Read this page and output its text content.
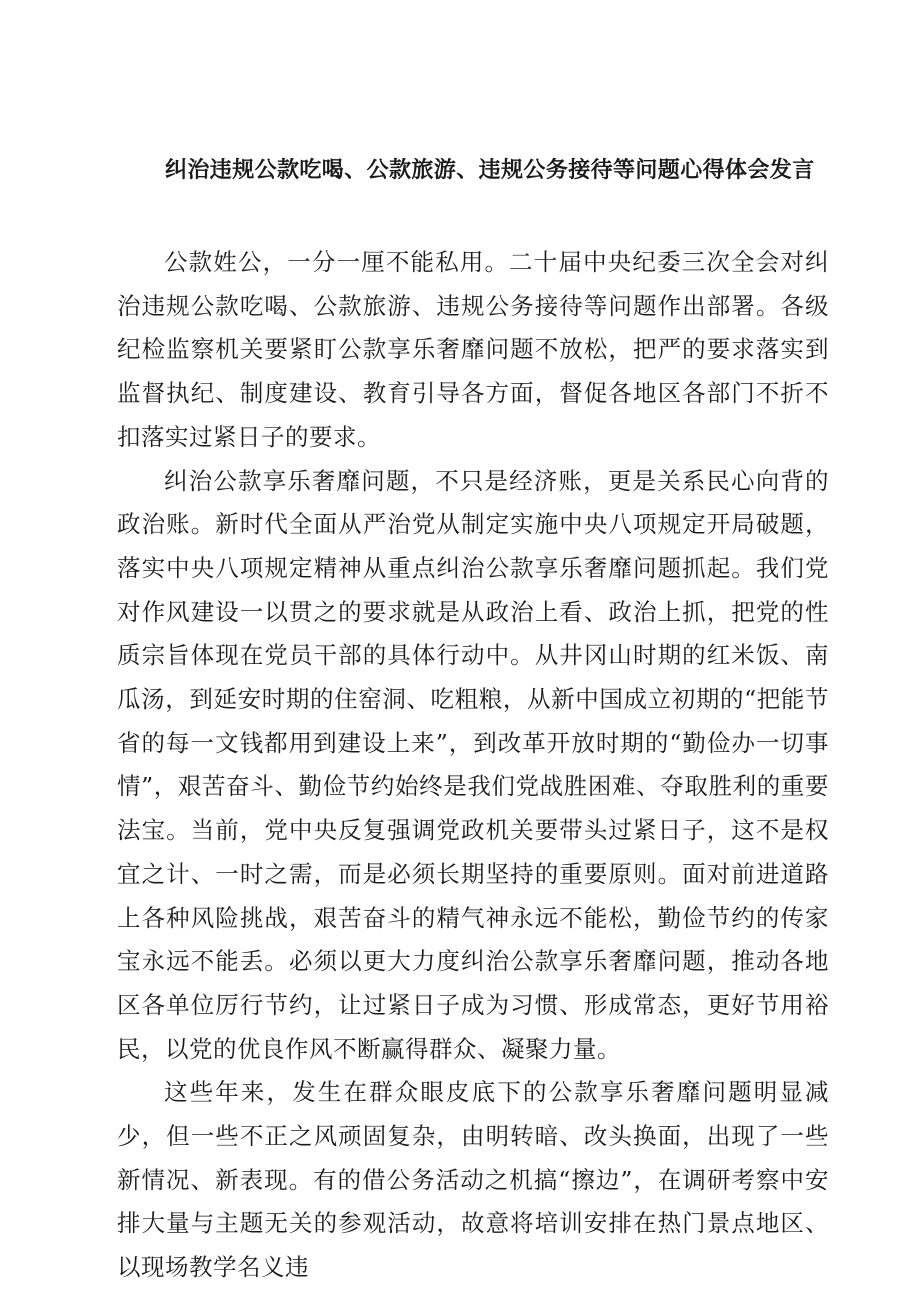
纠治违规公款吃喝、公款旅游、违规公务接待等问题心得体会发言

公款姓公，一分一厘不能私用。二十届中央纪委三次全会对纠治违规公款吃喝、公款旅游、违规公务接待等问题作出部署。各级纪检监察机关要紧盯公款享乐奢靡问题不放松，把严的要求落实到监督执纪、制度建设、教育引导各方面，督促各地区各部门不折不扣落实过紧日子的要求。

纠治公款享乐奢靡问题，不只是经济账，更是关系民心向背的政治账。新时代全面从严治党从制定实施中央八项规定开局破题，落实中央八项规定精神从重点纠治公款享乐奢靡问题抓起。我们党对作风建设一以贯之的要求就是从政治上看、政治上抓，把党的性质宗旨体现在党员干部的具体行动中。从井冈山时期的红米饭、南瓜汤，到延安时期的住窑洞、吃粗粮，从新中国成立初期的“把能节省的每一文钱都用到建设上来”，到改革开放时期的“勤俭办一切事情”，艰苦奋斗、勤俭节约始终是我们党战胜困难、夺取胜利的重要法宝。当前，党中央反复强调党政机关要带头过紧日子，这不是权宜之计、一时之需，而是必须长期坚持的重要原则。面对前进道路上各种风险挑战，艰苦奋斗的精气神永远不能松，勤俭节约的传家宝永远不能丢。必须以更大力度纠治公款享乐奢靡问题，推动各地区各单位厉行节约，让过紧日子成为习惯、形成常态，更好节用裕民，以党的优良作风不断赢得群众、凝聚力量。

这些年来，发生在群众眼皮底下的公款享乐奢靡问题明显减少，但一些不正之风顽固复杂，由明转暗、改头换面，出现了一些新情况、新表现。有的借公务活动之机搞“擦边”，在调研考察中安排大量与主题无关的参观活动，故意将培训安排在热门景点地区、以现场教学名义违
